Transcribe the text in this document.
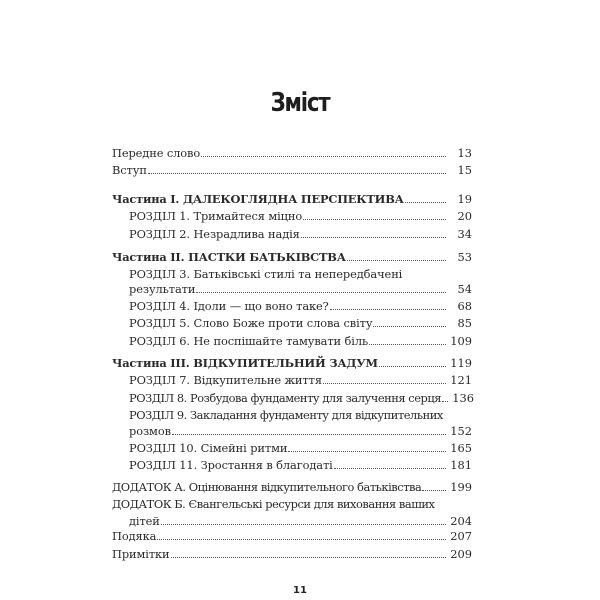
Зміст
Передне слово	13
Вступ	15
Частина І. ДАЛЕКОГЛЯДНА ПЕРСПЕКТИВА	19
РОЗДІЛ 1. Тримайтеся міцно	20
РОЗДІЛ 2. Незрадлива надія	34
Частина ІІ. ПАСТКИ БАТЬКІВСТВА	53
РОЗДІЛ 3. Батьківські стилі та непередбачені
результати	54
РОЗДІЛ 4. Ідоли — що воно таке?	68
РОЗДІЛ 5. Слово Боже проти слова світу	85
РОЗДІЛ 6. Не поспішайте тамувати біль	109
Частина ІІІ. ВІДКУПИТЕЛЬНИЙ ЗАДУМ	119
РОЗДІЛ 7. Відкупительне життя	121
РОЗДІЛ 8. Розбудова фундаменту для залучення серця 136
РОЗДІЛ 9. Закладання фундаменту для відкупительних
розмов	152
РОЗДІЛ 10. Сімейні ритми	165
РОЗДІЛ 11. Зростання в благодаті	181
ДОДАТОК А. Оцінювання відкупительного батьківства	199
ДОДАТОК Б. Євангельські ресурси для виховання ваших
дітей	204
Подяка	207
Примітки	209
11
